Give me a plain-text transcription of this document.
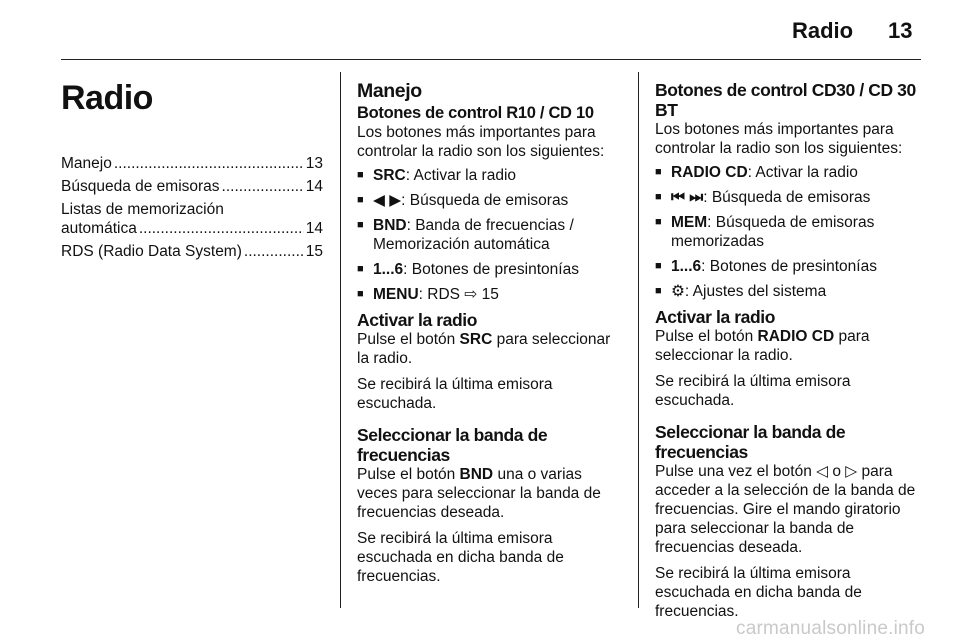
Radio 13
Radio
Manejo .....	13
Búsqueda de emisoras .....	14
Listas de memorización
automática .....	14
RDS (Radio Data System) .....	15
Manejo
Botones de control R10 / CD 10

Los botones más importantes para controlar la radio son los siguientes:

■ SRC: Activar la radio
■ ◀ ▶: Búsqueda de emisoras
■ BND: Banda de frecuencias / Memorización automática
■ 1...6: Botones de presintonías
■ MENU: RDS ⇨ 15
Activar la radio

Pulse el botón SRC para seleccionar la radio.

Se recibirá la última emisora escuchada.

Seleccionar la banda de frecuencias

Pulse el botón BND una o varias veces para seleccionar la banda de frecuencias deseada.

Se recibirá la última emisora escuchada en dicha banda de frecuencias.

Botones de control CD30 / CD 30 BT

Los botones más importantes para controlar la radio son los siguientes:

■ RADIO CD: Activar la radio
■ ⏮ ⏭: Búsqueda de emisoras
■ MEM: Búsqueda de emisoras memorizadas
■ 1...6: Botones de presintonías
■ ⚙: Ajustes del sistema
Activar la radio

Pulse el botón RADIO CD para seleccionar la radio.

Se recibirá la última emisora escuchada.

Seleccionar la banda de frecuencias

Pulse una vez el botón ◁ o ▷ para acceder a la selección de la banda de frecuencias. Gire el mando giratorio para seleccionar la banda de frecuencias deseada.

Se recibirá la última emisora escuchada en dicha banda de frecuencias.

carmanualsonline.info
